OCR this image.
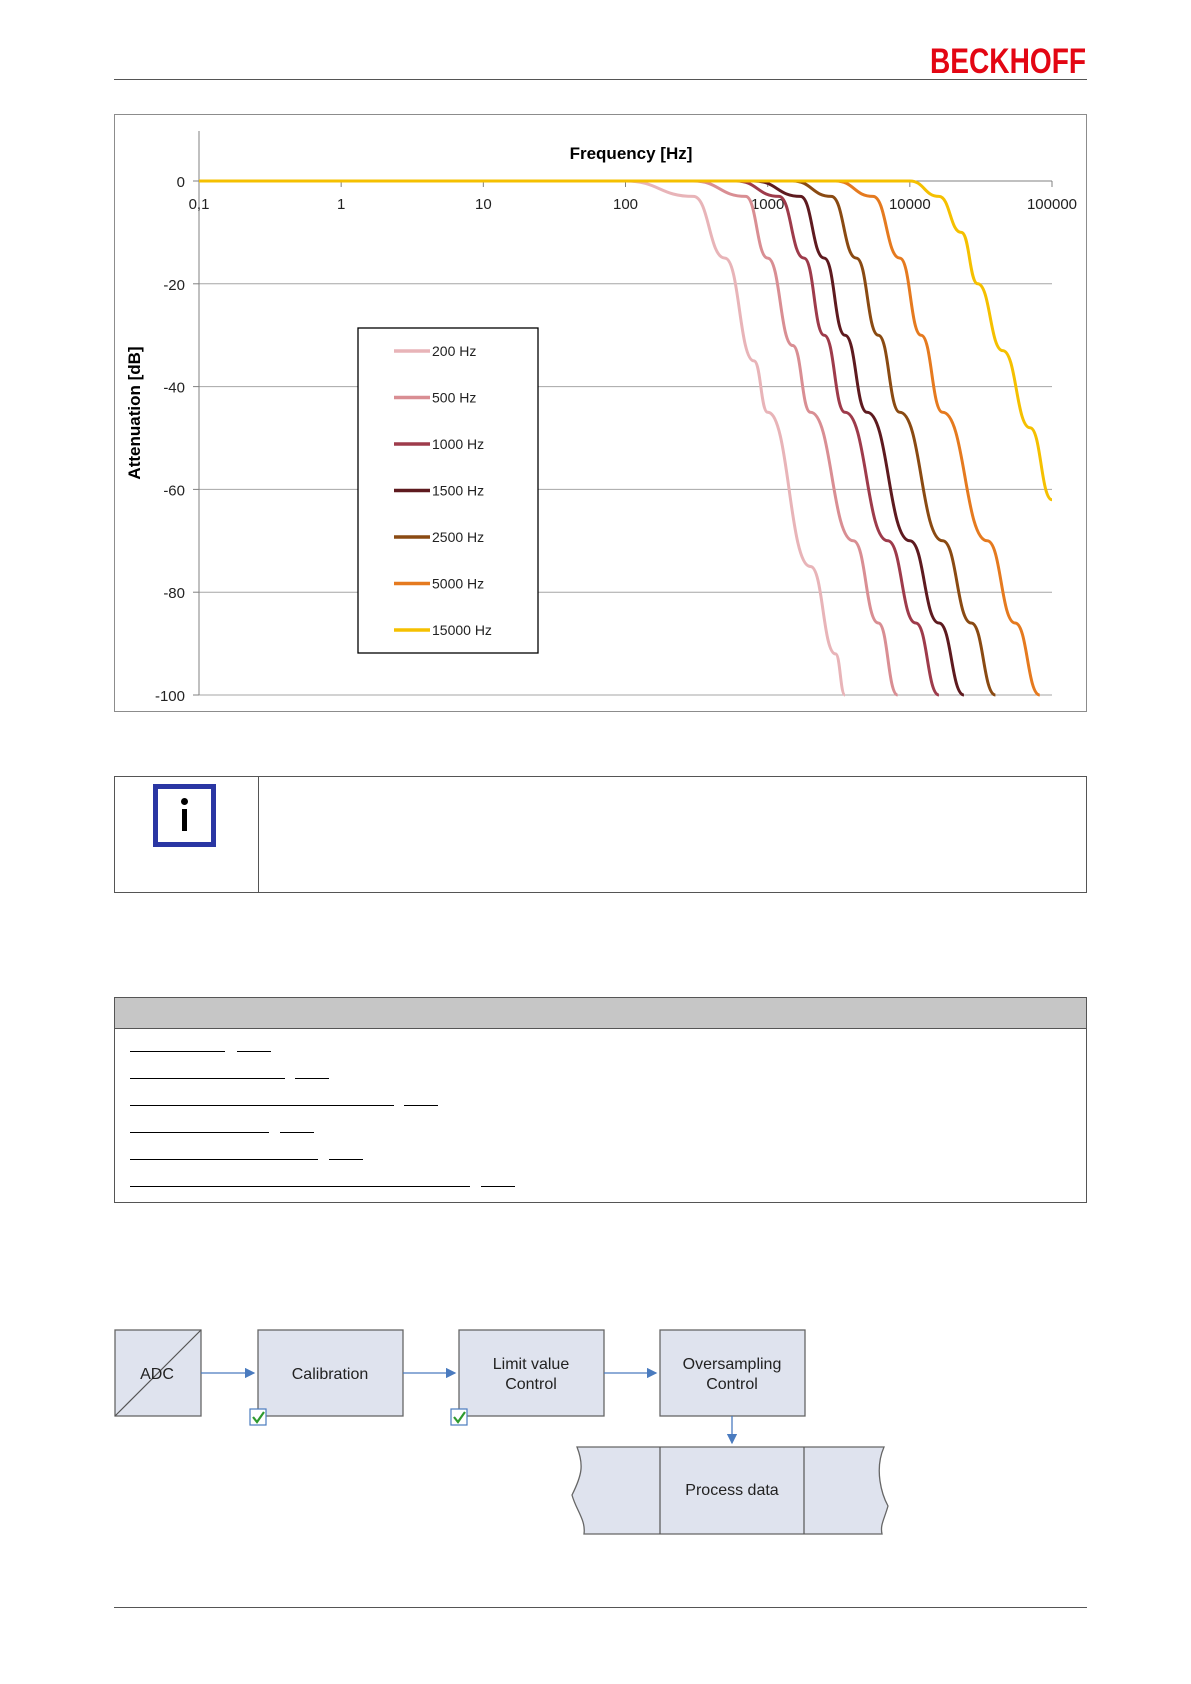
BECKHOFF
0
-20
-40
-60
-80
-100
0,1	1	10	100	1000	10000	100000
Frequency [Hz]
Attenuation [dB]	200 Hz
500 Hz
1000 Hz
1500 Hz
2500 Hz
5000 Hz
15000 Hz
ADC	Calibration
Limit value
Control
Oversampling
Control
Process data
